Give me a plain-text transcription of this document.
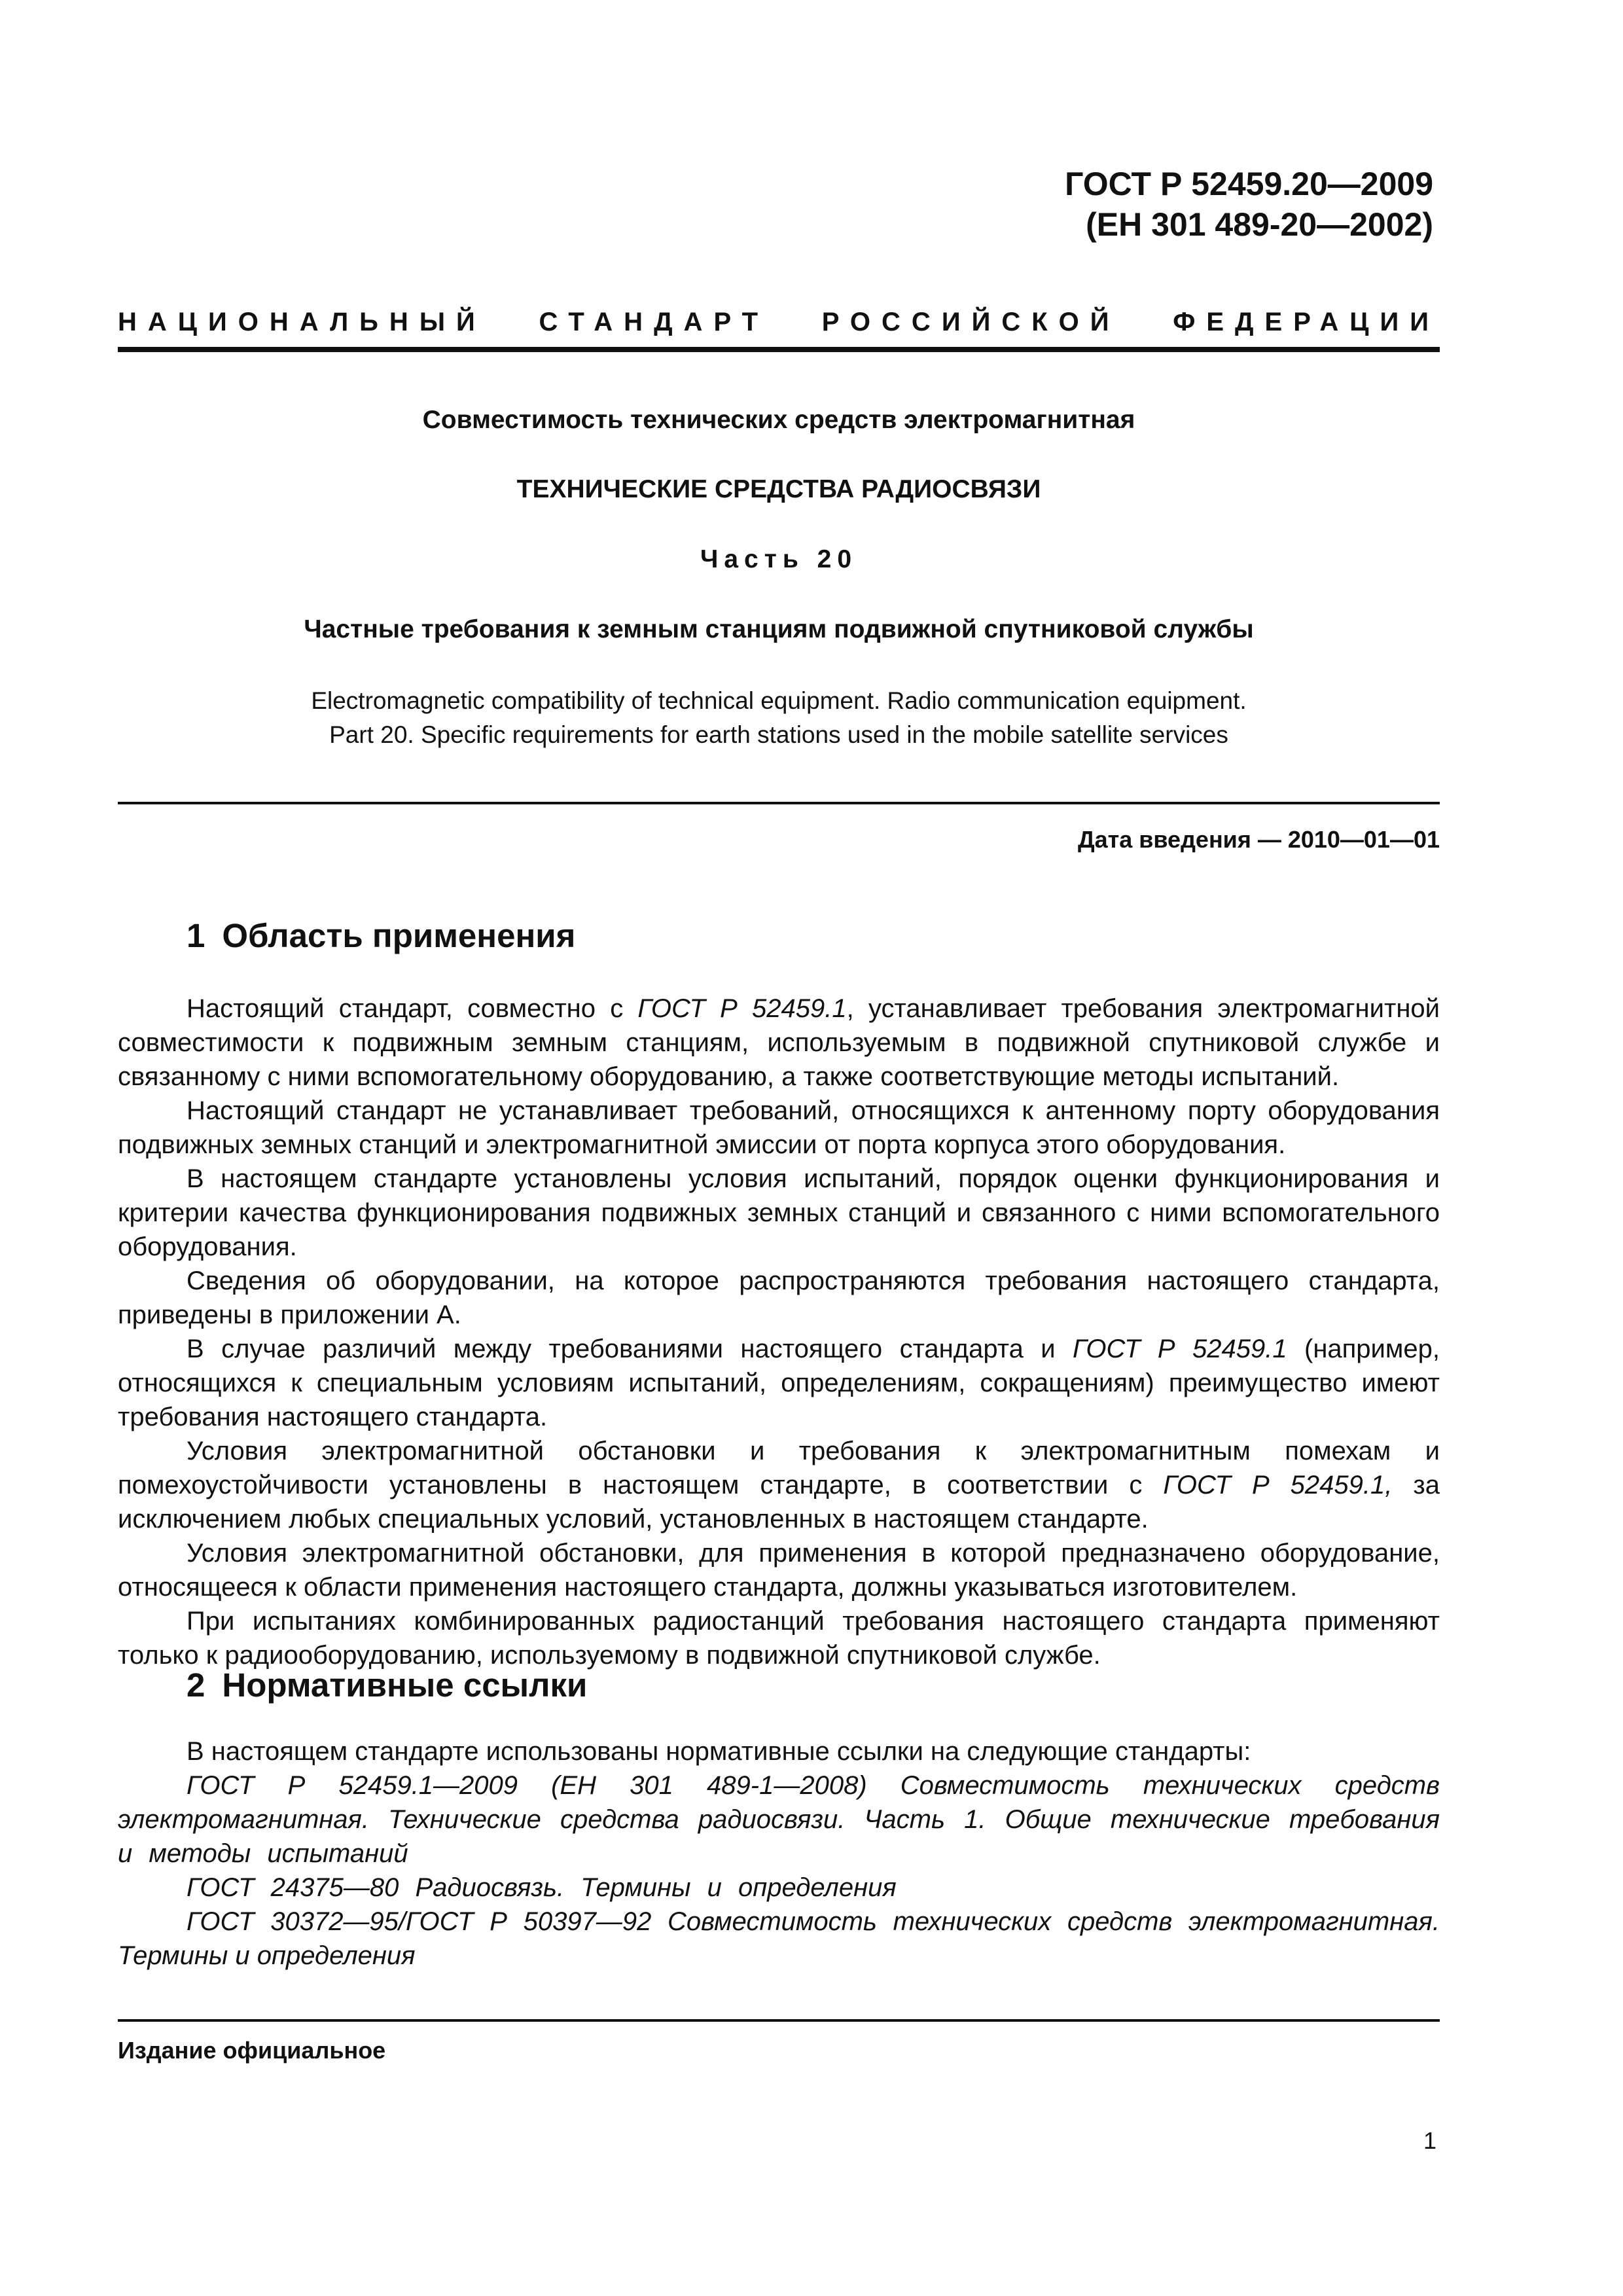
ГОСТ Р 52459.20—2009
(ЕН 301 489-20—2002)
НАЦИОНАЛЬНЫЙ СТАНДАРТ РОССИЙСКОЙ ФЕДЕРАЦИИ
Совместимость технических средств электромагнитная
ТЕХНИЧЕСКИЕ СРЕДСТВА РАДИОСВЯЗИ
Часть 20
Частные требования к земным станциям подвижной спутниковой службы
Electromagnetic compatibility of technical equipment. Radio communication equipment.
Part 20. Specific requirements for earth stations used in the mobile satellite services
Дата введения — 2010—01—01
1 Область применения

Настоящий стандарт, совместно с ГОСТ Р 52459.1, устанавливает требования электромагнитной совместимости к подвижным земным станциям, используемым в подвижной спутниковой службе и связанному с ними вспомогательному оборудованию, а также соответствующие методы испытаний.

Настоящий стандарт не устанавливает требований, относящихся к антенному порту оборудования подвижных земных станций и электромагнитной эмиссии от порта корпуса этого оборудования.

В настоящем стандарте установлены условия испытаний, порядок оценки функционирования и критерии качества функционирования подвижных земных станций и связанного с ними вспомогательного оборудования.

Сведения об оборудовании, на которое распространяются требования настоящего стандарта, приведены в приложении А.

В случае различий между требованиями настоящего стандарта и ГОСТ Р 52459.1 (например, относящихся к специальным условиям испытаний, определениям, сокращениям) преимущество имеют требования настоящего стандарта.

Условия электромагнитной обстановки и требования к электромагнитным помехам и помехоустойчивости установлены в настоящем стандарте, в соответствии с ГОСТ Р 52459.1, за исключением любых специальных условий, установленных в настоящем стандарте.

Условия электромагнитной обстановки, для применения в которой предназначено оборудование, относящееся к области применения настоящего стандарта, должны указываться изготовителем.

При испытаниях комбинированных радиостанций требования настоящего стандарта применяют только к радиооборудованию, используемому в подвижной спутниковой службе.

2 Нормативные ссылки

В настоящем стандарте использованы нормативные ссылки на следующие стандарты:

ГОСТ Р 52459.1—2009 (ЕН 301 489-1—2008) Совместимость технических средств электромагнитная. Технические средства радиосвязи. Часть 1. Общие технические требования и методы испытаний

ГОСТ 24375—80 Радиосвязь. Термины и определения

ГОСТ 30372—95/ГОСТ Р 50397—92 Совместимость технических средств электромагнитная. Термины и определения

Издание официальное
1
